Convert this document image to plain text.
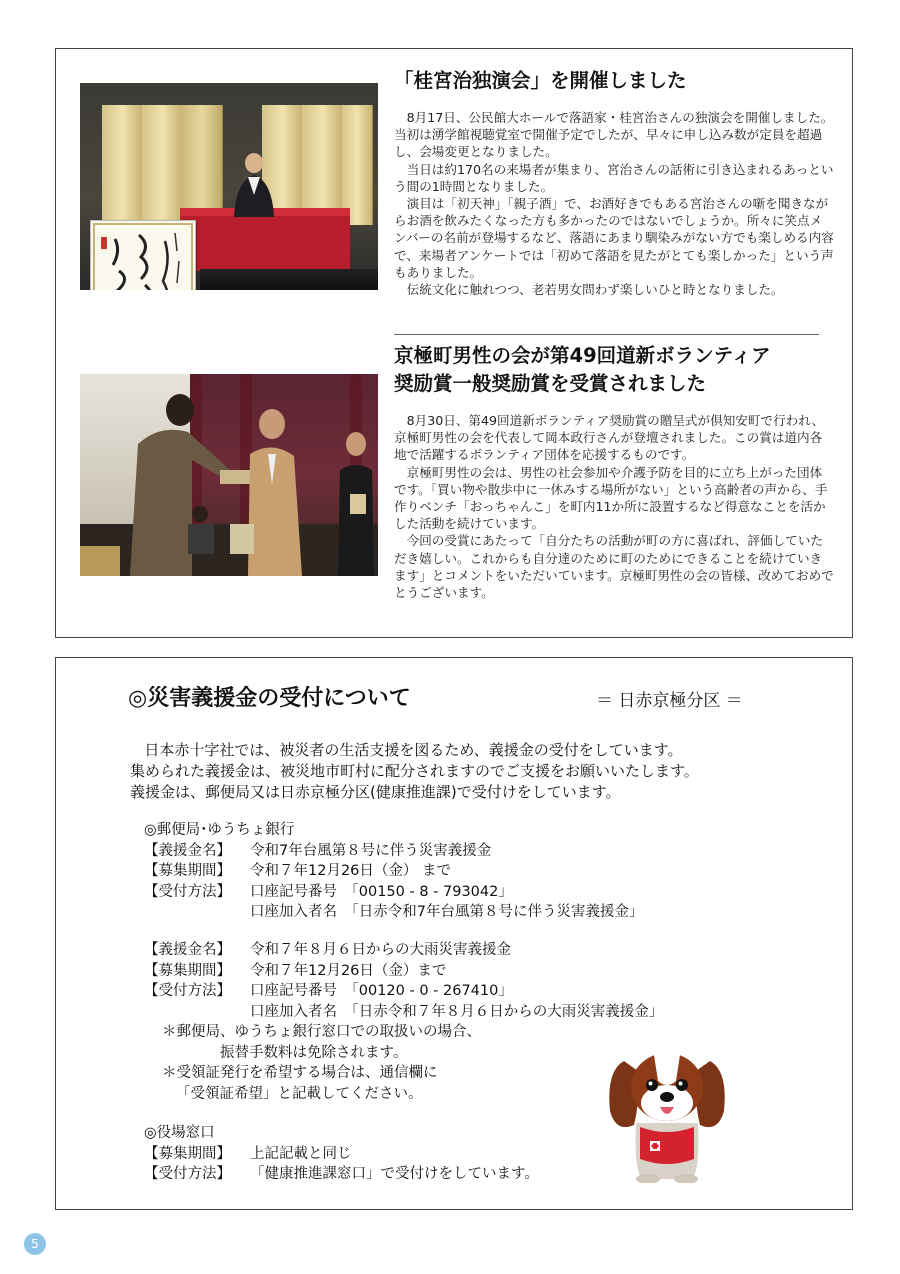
「桂宮治独演会」を開催しました

8月17日、公民館大ホールで落語家・桂宮治さんの独演会を開催しました。当初は湧学館視聴覚室で開催予定でしたが、早々に申し込み数が定員を超過し、会場変更となりました。

当日は約170名の来場者が集まり、宮治さんの話術に引き込まれるあっという間の1時間となりました。

演目は「初天神」「親子酒」で、お酒好きでもある宮治さんの噺を聞きながらお酒を飲みたくなった方も多かったのではないでしょうか。所々に笑点メンバーの名前が登場するなど、落語にあまり馴染みがない方でも楽しめる内容で、来場者アンケートでは「初めて落語を見たがとても楽しかった」という声もありました。

伝統文化に触れつつ、老若男女問わず楽しいひと時となりました。

京極町男性の会が第49回道新ボランティア
奨励賞一般奨励賞を受賞されました

8月30日、第49回道新ボランティア奨励賞の贈呈式が倶知安町で行われ、京極町男性の会を代表して岡本政行さんが登壇されました。この賞は道内各地で活躍するボランティア団体を応援するものです。

京極町男性の会は、男性の社会参加や介護予防を目的に立ち上がった団体です。「買い物や散歩中に一休みする場所がない」という高齢者の声から、手作りベンチ「おっちゃんこ」を町内11か所に設置するなど得意なことを活かした活動を続けています。

今回の受賞にあたって「自分たちの活動が町の方に喜ばれ、評価していただき嬉しい。これからも自分達のために町のためにできることを続けていきます」とコメントをいただいています。京極町男性の会の皆様、改めておめでとうございます。

◎災害義援金の受付について	＝ 日赤京極分区 ＝
日本赤十字社では、被災者の生活支援を図るため、義援金の受付をしています。
集められた義援金は、被災地市町村に配分されますのでご支援をお願いいたします。
義援金は、郵便局又は日赤京極分区(健康推進課)で受付けをしています。
◎郵便局･ゆうちょ銀行
【義援金名】	令和7年台風第８号に伴う災害義援金
【募集期間】	令和７年12月26日（金） まで
【受付方法】	口座記号番号　「00150 - 8 - 793042」
口座加入者名　「日赤令和7年台風第８号に伴う災害義援金」
【義援金名】	令和７年８月６日からの大雨災害義援金
【募集期間】	令和７年12月26日（金）まで
【受付方法】	口座記号番号　「00120 - 0 - 267410」
口座加入者名　「日赤令和７年８月６日からの大雨災害義援金」
＊郵便局、ゆうちょ銀行窓口での取扱いの場合、
　　　　振替手数料は免除されます。
＊受領証発行を希望する場合は、通信欄に
「受領証希望」と記載してください。
◎役場窓口
【募集期間】	上記記載と同じ
【受付方法】	「健康推進課窓口」で受付けをしています。
5
